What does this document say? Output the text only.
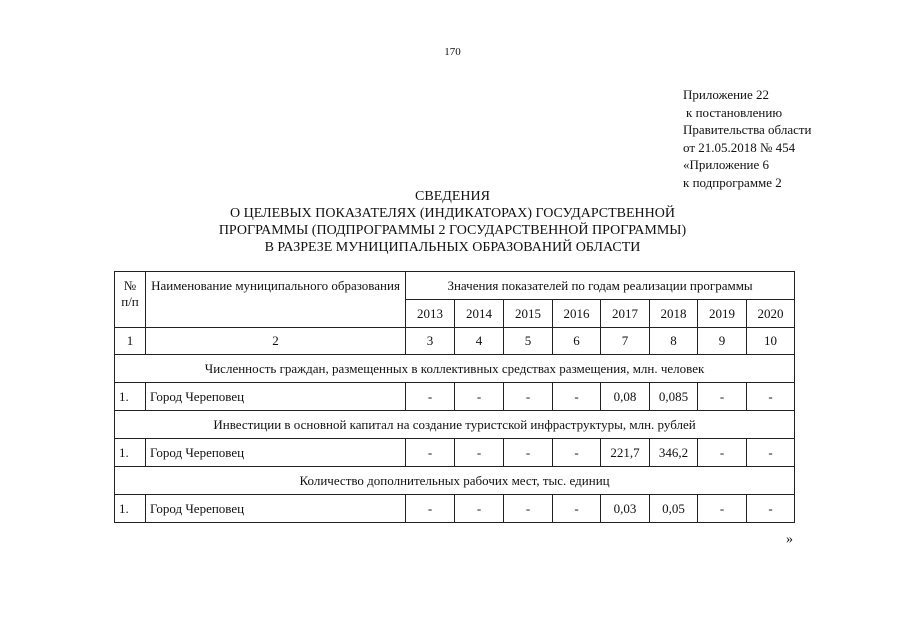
170
Приложение 22
к постановлению
Правительства области
от 21.05.2018 № 454
«Приложение 6
к подпрограмме 2
СВЕДЕНИЯ
О ЦЕЛЕВЫХ ПОКАЗАТЕЛЯХ (ИНДИКАТОРАХ) ГОСУДАРСТВЕННОЙ
ПРОГРАММЫ (ПОДПРОГРАММЫ 2 ГОСУДАРСТВЕННОЙ ПРОГРАММЫ)
В РАЗРЕЗЕ МУНИЦИПАЛЬНЫХ ОБРАЗОВАНИЙ ОБЛАСТИ
№ п/п	Наименование муниципального образования	Значения показателей по годам реализации программы							
		2013	2014	2015	2016	2017	2018	2019	2020
1	2	3	4	5	6	7	8	9	10
Численность граждан, размещенных в коллективных средствах размещения, млн. человек									
1.	Город Череповец	-	-	-	-	0,08	0,085	-	-
Инвестиции в основной капитал на создание туристской инфраструктуры, млн. рублей									
1.	Город Череповец	-	-	-	-	221,7	346,2	-	-
Количество дополнительных рабочих мест, тыс. единиц									
1.	Город Череповец	-	-	-	-	0,03	0,05	-	-
»
